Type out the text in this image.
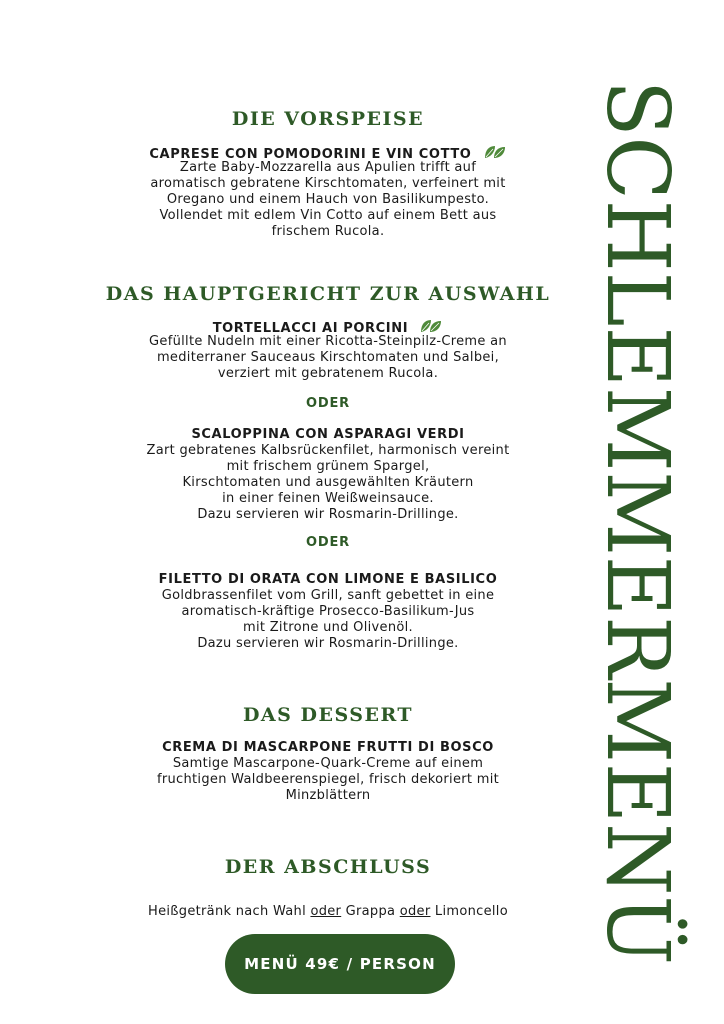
DIE VORSPEISE

CAPRESE CON POMODORINI E VIN COTTO

Zarte Baby-Mozzarella aus Apulien trifft auf
aromatisch gebratene Kirschtomaten, verfeinert mit
Oregano und einem Hauch von Basilikumpesto.
Vollendet mit edlem Vin Cotto auf einem Bett aus
frischem Rucola.

DAS HAUPTGERICHT ZUR AUSWAHL

TORTELLACCI AI PORCINI

Gefüllte Nudeln mit einer Ricotta-Steinpilz-Creme an
mediterraner Sauceaus Kirschtomaten und Salbei,
verziert mit gebratenem Rucola.

ODER

SCALOPPINA CON ASPARAGI VERDI

Zart gebratenes Kalbsrückenfilet, harmonisch vereint
mit frischem grünem Spargel,
Kirschtomaten und ausgewählten Kräutern
in einer feinen Weißweinsauce.
Dazu servieren wir Rosmarin-Drillinge.

ODER

FILETTO DI ORATA CON LIMONE E BASILICO

Goldbrassenfilet vom Grill, sanft gebettet in eine
aromatisch-kräftige Prosecco-Basilikum-Jus
mit Zitrone und Olivenöl.
Dazu servieren wir Rosmarin-Drillinge.

DAS DESSERT

CREMA DI MASCARPONE FRUTTI DI BOSCO

Samtige Mascarpone-Quark-Creme auf einem
fruchtigen Waldbeerenspiegel, frisch dekoriert mit
Minzblättern

DER ABSCHLUSS

Heißgetränk nach Wahl oder Grappa oder Limoncello

MENÜ 49€ / PERSON SCHLEMMERMENÜ
